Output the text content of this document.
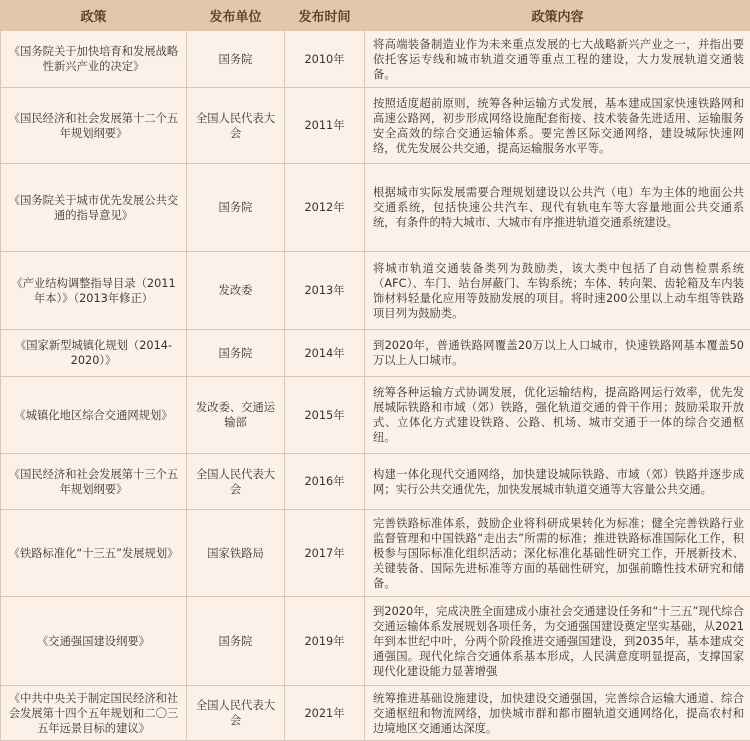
政策	发布单位	发布时间	政策内容
《国务院关于加快培育和发展战略性新兴产业的决定》	国务院	2010年	将高端装备制造业作为未来重点发展的七大战略新兴产业之一，并指出要依托客运专线和城市轨道交通等重点工程的建设，大力发展轨道交通装备。
《国民经济和社会发展第十二个五年规划纲要》	全国人民代表大会	2011年	按照适度超前原则，统筹各种运输方式发展，基本建成国家快速铁路网和高速公路网，初步形成网络设施配套衔接、技术装备先进适用、运输服务安全高效的综合交通运输体系。要完善区际交通网络，建设城际快速网络，优先发展公共交通，提高运输服务水平等。
《国务院关于城市优先发展公共交通的指导意见》	国务院	2012年	根据城市实际发展需要合理规划建设以公共汽（电）车为主体的地面公共交通系统，包括快速公共汽车、现代有轨电车等大容量地面公共交通系统，有条件的特大城市、大城市有序推进轨道交通系统建设。
《产业结构调整指导目录（2011年本）》（2013年修正）	发改委	2013年	将城市轨道交通装备类列为鼓励类，该大类中包括了自动售检票系统（AFC）、车门、站台屏蔽门、车钩系统；车体、转向架、齿轮箱及车内装饰材料轻量化应用等鼓励发展的项目。将时速200公里以上动车组等铁路项目列为鼓励类。
《国家新型城镇化规划（2014-2020）》	国务院	2014年	到2020年，普通铁路网覆盖20万以上人口城市，快速铁路网基本覆盖50万以上人口城市。
《城镇化地区综合交通网规划》	发改委、交通运输部	2015年	统筹各种运输方式协调发展，优化运输结构，提高路网运行效率，优先发展城际铁路和市域（郊）铁路，强化轨道交通的骨干作用；鼓励采取开放式、立体化方式建设铁路、公路、机场、城市交通于一体的综合交通枢纽。
《国民经济和社会发展第十三个五年规划纲要》	全国人民代表大会	2016年	构建一体化现代交通网络，加快建设城际铁路、市域（郊）铁路并逐步成网；实行公共交通优先，加快发展城市轨道交通等大容量公共交通。
《铁路标准化“十三五”发展规划》	国家铁路局	2017年	完善铁路标准体系，鼓励企业将科研成果转化为标准；健全完善铁路行业监督管理和中国铁路“走出去”所需的标准；推进铁路标准国际化工作，积极参与国际标准化组织活动；深化标准化基础性研究工作，开展新技术、关键装备、国际先进标准等方面的基础性研究，加强前瞻性技术研究和储备。
《交通强国建设纲要》	国务院	2019年	到2020年，完成决胜全面建成小康社会交通建设任务和“十三五”现代综合交通运输体系发展规划各项任务，为交通强国建设奠定坚实基础，从2021年到本世纪中叶，分两个阶段推进交通强国建设，到2035年，基本建成交通强国。现代化综合交通体系基本形成，人民满意度明显提高，支撑国家现代化建设能力显著增强
《中共中央关于制定国民经济和社会发展第十四个五年规划和二〇三五年远景目标的建议》	全国人民代表大会	2021年	统筹推进基础设施建设，加快建设交通强国，完善综合运输大通道、综合交通枢纽和物流网络，加快城市群和都市圈轨道交通网络化，提高农村和边境地区交通通达深度。
